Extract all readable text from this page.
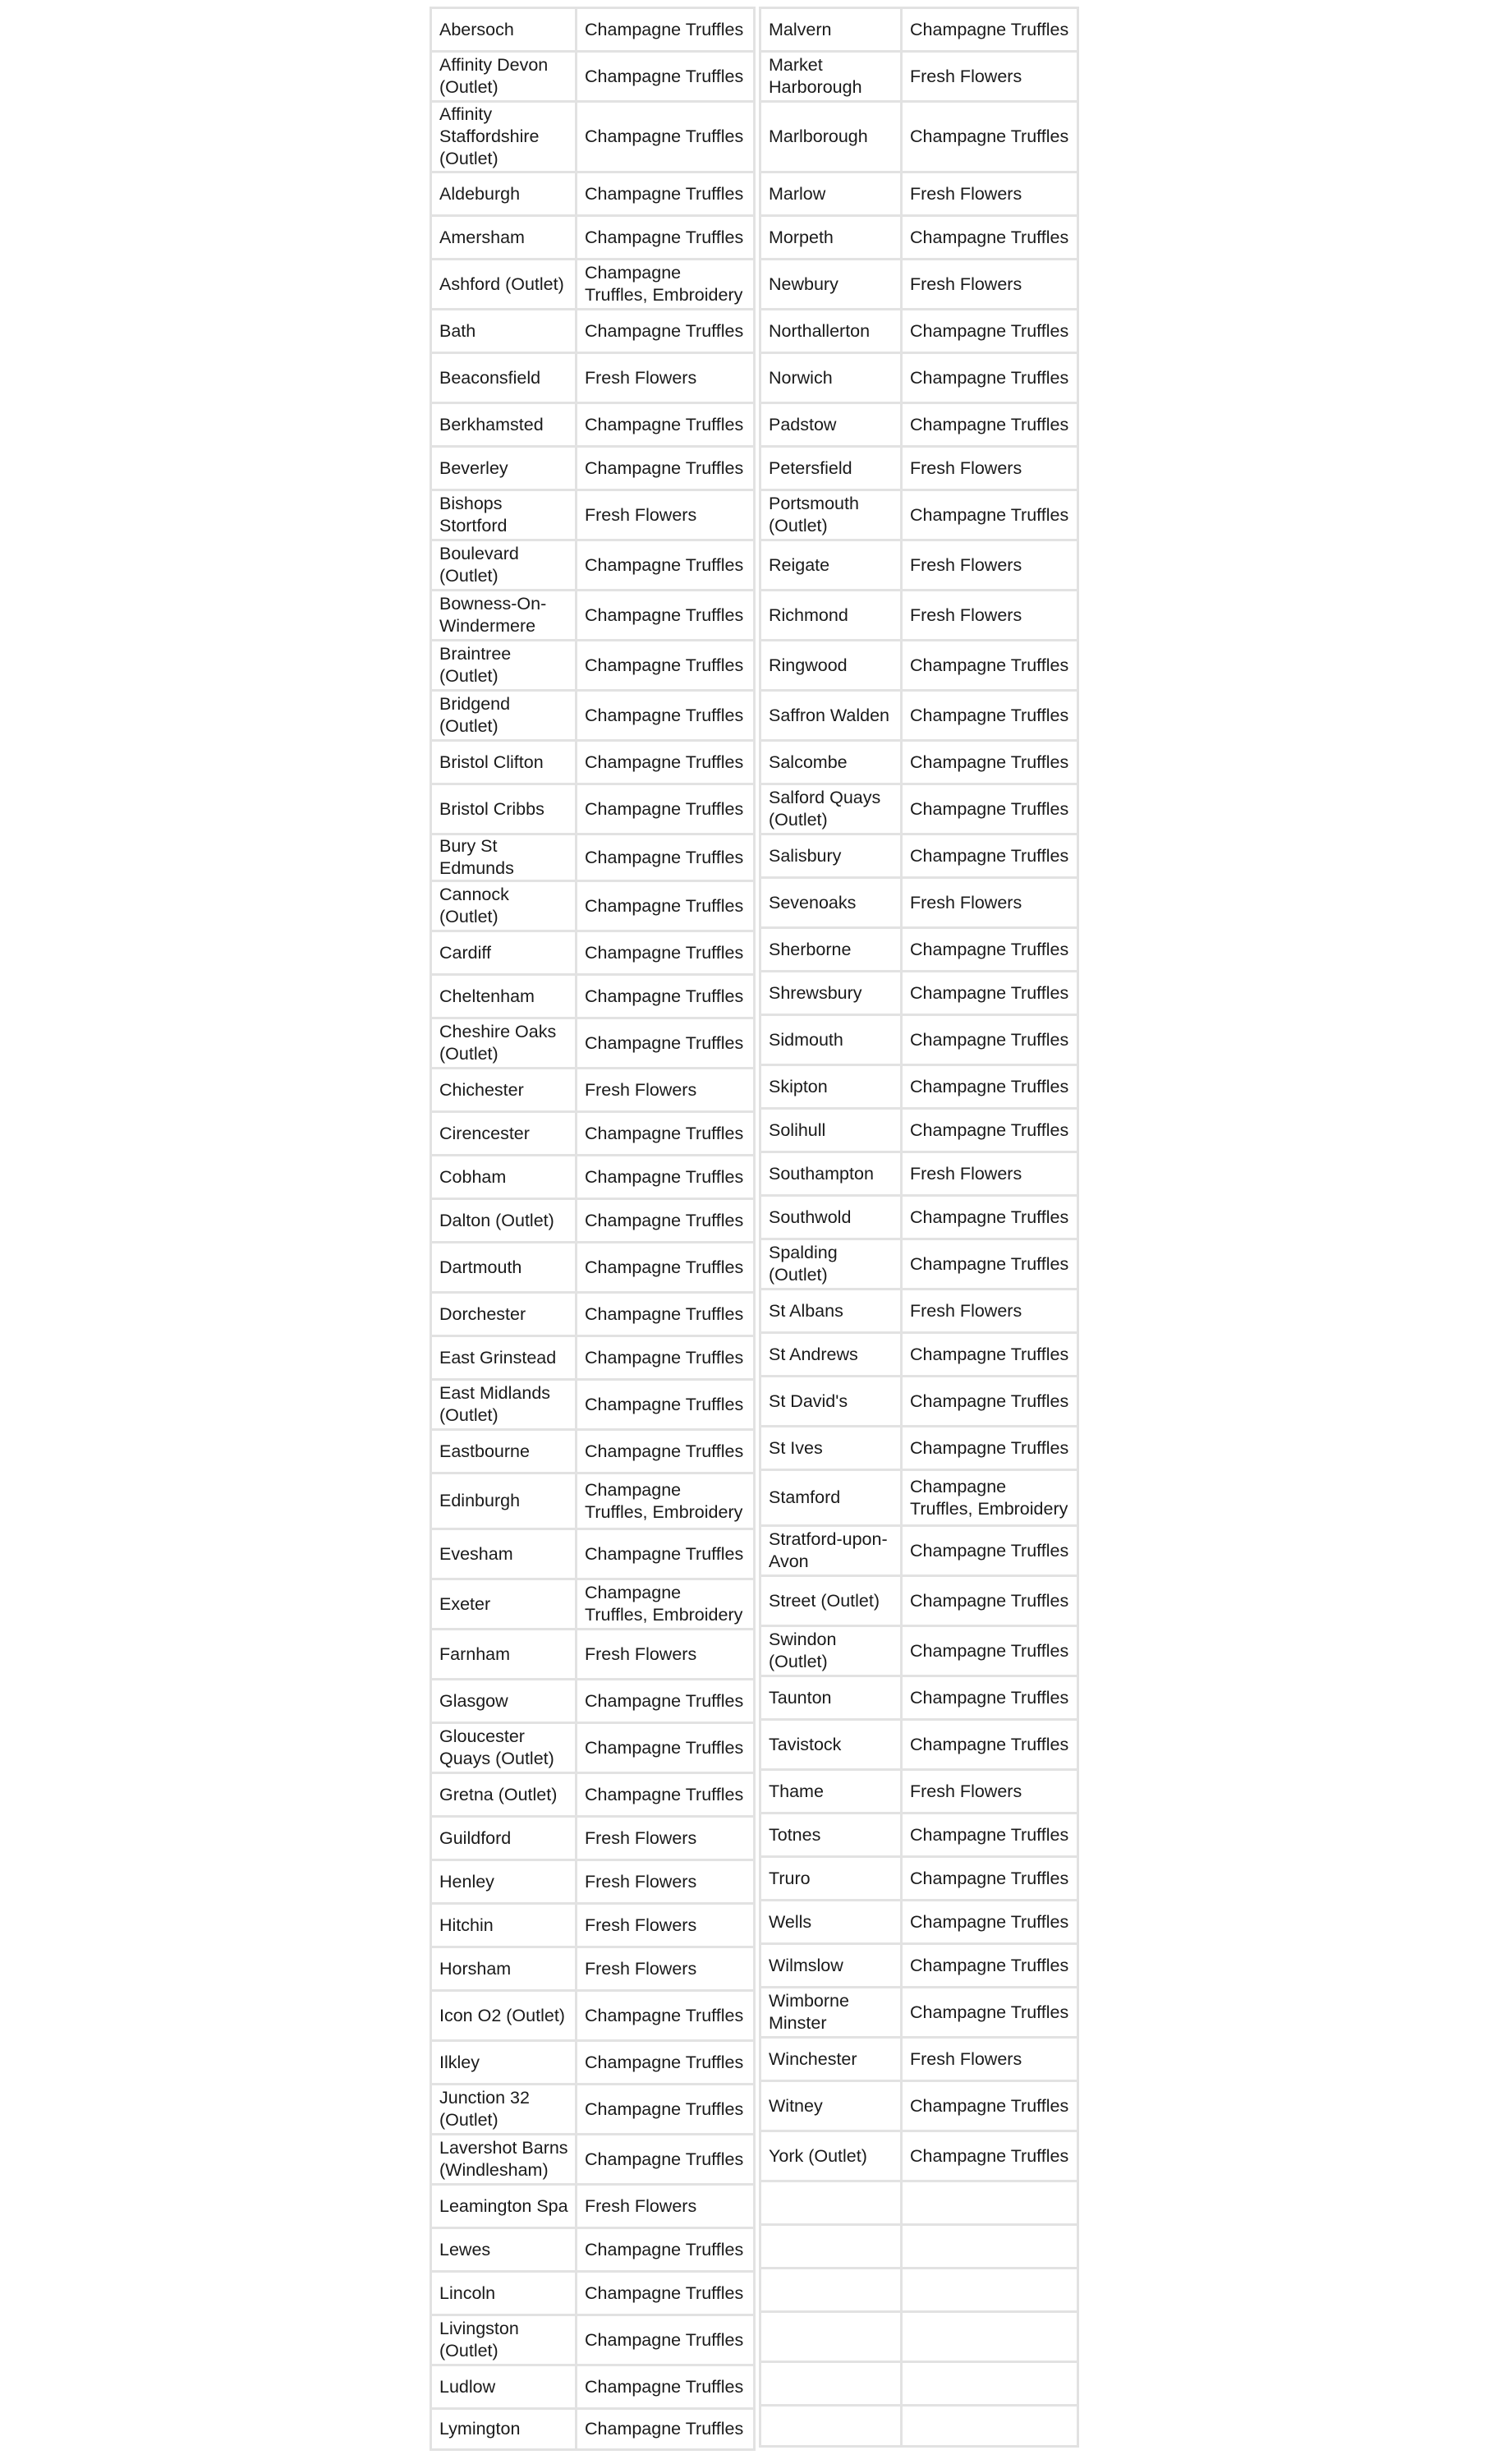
Abersoch	Champagne Truffles
Affinity Devon (Outlet)	Champagne Truffles
Affinity Staffordshire (Outlet)	Champagne Truffles
Aldeburgh	Champagne Truffles
Amersham	Champagne Truffles
Ashford (Outlet)	Champagne Truffles, Embroidery
Bath	Champagne Truffles
Beaconsfield	Fresh Flowers
Berkhamsted	Champagne Truffles
Beverley	Champagne Truffles
Bishops Stortford	Fresh Flowers
Boulevard (Outlet)	Champagne Truffles
Bowness-On-Windermere	Champagne Truffles
Braintree (Outlet)	Champagne Truffles
Bridgend (Outlet)	Champagne Truffles
Bristol Clifton	Champagne Truffles
Bristol Cribbs	Champagne Truffles
Bury St Edmunds	Champagne Truffles
Cannock (Outlet)	Champagne Truffles
Cardiff	Champagne Truffles
Cheltenham	Champagne Truffles
Cheshire Oaks (Outlet)	Champagne Truffles
Chichester	Fresh Flowers
Cirencester	Champagne Truffles
Cobham	Champagne Truffles
Dalton (Outlet)	Champagne Truffles
Dartmouth	Champagne Truffles
Dorchester	Champagne Truffles
East Grinstead	Champagne Truffles
East Midlands (Outlet)	Champagne Truffles
Eastbourne	Champagne Truffles
Edinburgh	Champagne Truffles, Embroidery
Evesham	Champagne Truffles
Exeter	Champagne Truffles, Embroidery
Farnham	Fresh Flowers
Glasgow	Champagne Truffles
Gloucester Quays (Outlet)	Champagne Truffles
Gretna (Outlet)	Champagne Truffles
Guildford	Fresh Flowers
Henley	Fresh Flowers
Hitchin	Fresh Flowers
Horsham	Fresh Flowers
Icon O2 (Outlet)	Champagne Truffles
Ilkley	Champagne Truffles
Junction 32 (Outlet)	Champagne Truffles
Lavershot Barns (Windlesham)	Champagne Truffles
Leamington Spa	Fresh Flowers
Lewes	Champagne Truffles
Lincoln	Champagne Truffles
Livingston (Outlet)	Champagne Truffles
Ludlow	Champagne Truffles
Lymington	Champagne Truffles
Malvern	Champagne Truffles
Market Harborough	Fresh Flowers
Marlborough	Champagne Truffles
Marlow	Fresh Flowers
Morpeth	Champagne Truffles
Newbury	Fresh Flowers
Northallerton	Champagne Truffles
Norwich	Champagne Truffles
Padstow	Champagne Truffles
Petersfield	Fresh Flowers
Portsmouth (Outlet)	Champagne Truffles
Reigate	Fresh Flowers
Richmond	Fresh Flowers
Ringwood	Champagne Truffles
Saffron Walden	Champagne Truffles
Salcombe	Champagne Truffles
Salford Quays (Outlet)	Champagne Truffles
Salisbury	Champagne Truffles
Sevenoaks	Fresh Flowers
Sherborne	Champagne Truffles
Shrewsbury	Champagne Truffles
Sidmouth	Champagne Truffles
Skipton	Champagne Truffles
Solihull	Champagne Truffles
Southampton	Fresh Flowers
Southwold	Champagne Truffles
Spalding (Outlet)	Champagne Truffles
St Albans	Fresh Flowers
St Andrews	Champagne Truffles
St David's	Champagne Truffles
St Ives	Champagne Truffles
Stamford	Champagne Truffles, Embroidery
Stratford-upon-Avon	Champagne Truffles
Street (Outlet)	Champagne Truffles
Swindon (Outlet)	Champagne Truffles
Taunton	Champagne Truffles
Tavistock	Champagne Truffles
Thame	Fresh Flowers
Totnes	Champagne Truffles
Truro	Champagne Truffles
Wells	Champagne Truffles
Wilmslow	Champagne Truffles
Wimborne Minster	Champagne Truffles
Winchester	Fresh Flowers
Witney	Champagne Truffles
York (Outlet)	Champagne Truffles
